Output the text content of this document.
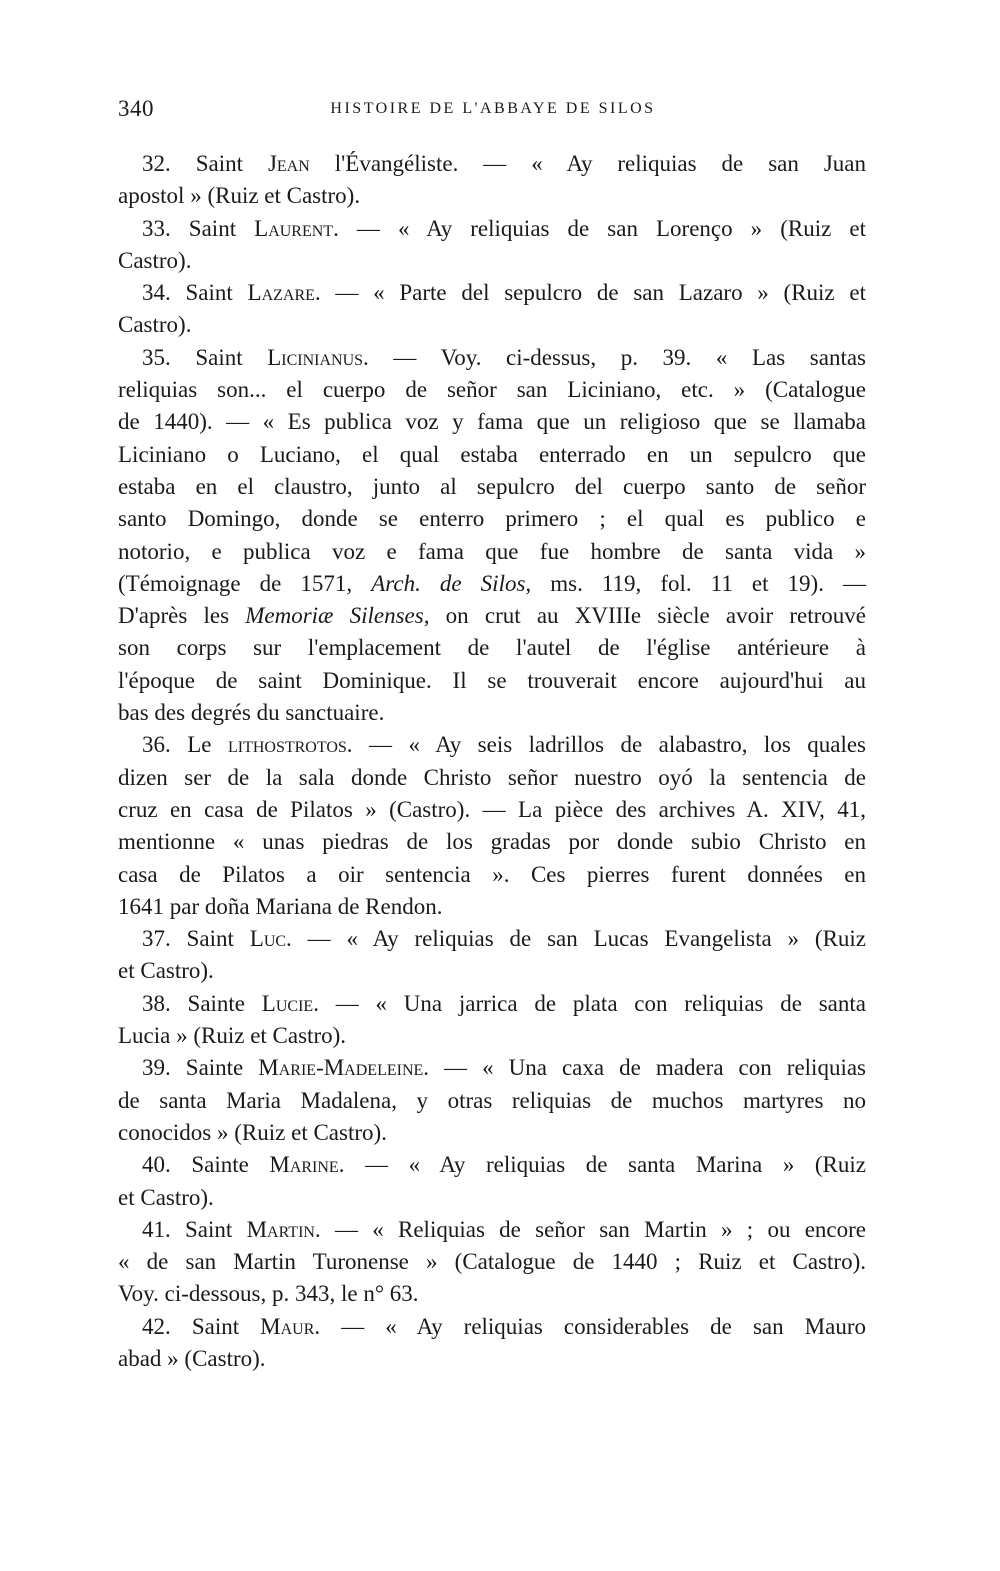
340	HISTOIRE DE L'ABBAYE DE SILOS
32. Saint Jean l'Évangéliste. — « Ay reliquias de san Juan
apostol » (Ruiz et Castro).
33. Saint Laurent. — « Ay reliquias de san Lorenço » (Ruiz et
Castro).
34. Saint Lazare. — « Parte del sepulcro de san Lazaro » (Ruiz et
Castro).
35. Saint Licinianus. — Voy. ci-dessus, p. 39. « Las santas
reliquias son... el cuerpo de señor san Liciniano, etc. » (Catalogue
de 1440). — « Es publica voz y fama que un religioso que se llamaba
Liciniano o Luciano, el qual estaba enterrado en un sepulcro que
estaba en el claustro, junto al sepulcro del cuerpo santo de señor
santo Domingo, donde se enterro primero ; el qual es publico e
notorio, e publica voz e fama que fue hombre de santa vida »
(Témoignage de 1571, Arch. de Silos, ms. 119, fol. 11 et 19). —
D'après les Memoriæ Silenses, on crut au XVIIIe siècle avoir retrouvé
son corps sur l'emplacement de l'autel de l'église antérieure à
l'époque de saint Dominique. Il se trouverait encore aujourd'hui au
bas des degrés du sanctuaire.
36. Le lithostrotos. — « Ay seis ladrillos de alabastro, los quales
dizen ser de la sala donde Christo señor nuestro oyó la sentencia de
cruz en casa de Pilatos » (Castro). — La pièce des archives A. XIV, 41,
mentionne « unas piedras de los gradas por donde subio Christo en
casa de Pilatos a oir sentencia ». Ces pierres furent données en
1641 par doña Mariana de Rendon.
37. Saint Luc. — « Ay reliquias de san Lucas Evangelista » (Ruiz
et Castro).
38. Sainte Lucie. — « Una jarrica de plata con reliquias de santa
Lucia » (Ruiz et Castro).
39. Sainte Marie-Madeleine. — « Una caxa de madera con reliquias
de santa Maria Madalena, y otras reliquias de muchos martyres no
conocidos » (Ruiz et Castro).
40. Sainte Marine. — « Ay reliquias de santa Marina » (Ruiz
et Castro).
41. Saint Martin. — « Reliquias de señor san Martin » ; ou encore
« de san Martin Turonense » (Catalogue de 1440 ; Ruiz et Castro).
Voy. ci-dessous, p. 343, le n° 63.
42. Saint Maur. — « Ay reliquias considerables de san Mauro
abad » (Castro).
